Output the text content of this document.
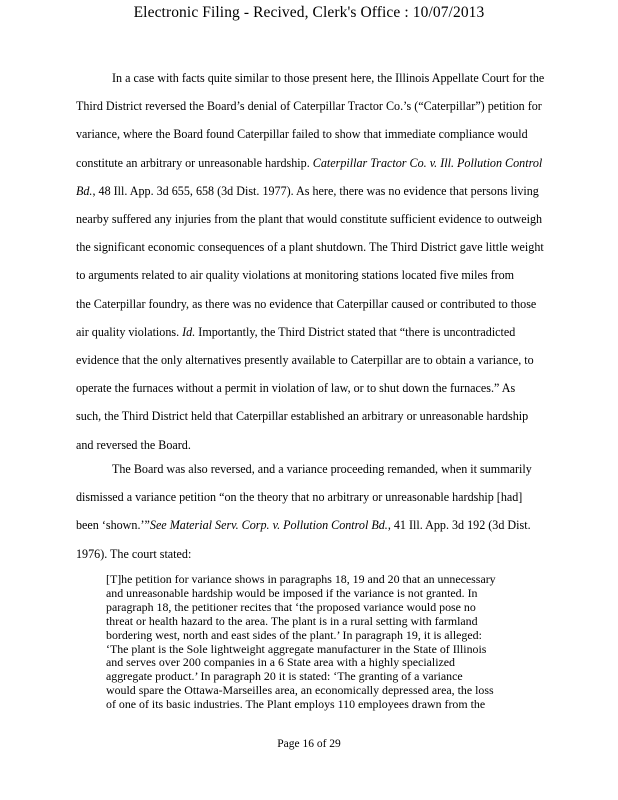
Electronic Filing - Recived, Clerk's Office : 10/07/2013
In a case with facts quite similar to those present here, the Illinois Appellate Court for the
Third District reversed the Board’s denial of Caterpillar Tractor Co.’s (“Caterpillar”) petition for
variance, where the Board found Caterpillar failed to show that immediate compliance would
constitute an arbitrary or unreasonable hardship. Caterpillar Tractor Co. v. Ill. Pollution Control
Bd., 48 Ill. App. 3d 655, 658 (3d Dist. 1977). As here, there was no evidence that persons living
nearby suffered any injuries from the plant that would constitute sufficient evidence to outweigh
the significant economic consequences of a plant shutdown. The Third District gave little weight
to arguments related to air quality violations at monitoring stations located five miles from
the Caterpillar foundry, as there was no evidence that Caterpillar caused or contributed to those
air quality violations. Id. Importantly, the Third District stated that “there is uncontradicted
evidence that the only alternatives presently available to Caterpillar are to obtain a variance, to
operate the furnaces without a permit in violation of law, or to shut down the furnaces.” As
such, the Third District held that Caterpillar established an arbitrary or unreasonable hardship
and reversed the Board.
The Board was also reversed, and a variance proceeding remanded, when it summarily
dismissed a variance petition “on the theory that no arbitrary or unreasonable hardship [had]
been ‘shown.’”See Material Serv. Corp. v. Pollution Control Bd., 41 Ill. App. 3d 192 (3d Dist.
1976). The court stated:
[T]he petition for variance shows in paragraphs 18, 19 and 20 that an unnecessary
and unreasonable hardship would be imposed if the variance is not granted. In
paragraph 18, the petitioner recites that ‘the proposed variance would pose no
threat or health hazard to the area. The plant is in a rural setting with farmland
bordering west, north and east sides of the plant.’ In paragraph 19, it is alleged:
‘The plant is the Sole lightweight aggregate manufacturer in the State of Illinois
and serves over 200 companies in a 6 State area with a highly specialized
aggregate product.’ In paragraph 20 it is stated: ‘The granting of a variance
would spare the Ottawa-Marseilles area, an economically depressed area, the loss
of one of its basic industries. The Plant employs 110 employees drawn from the
Page 16 of 29
